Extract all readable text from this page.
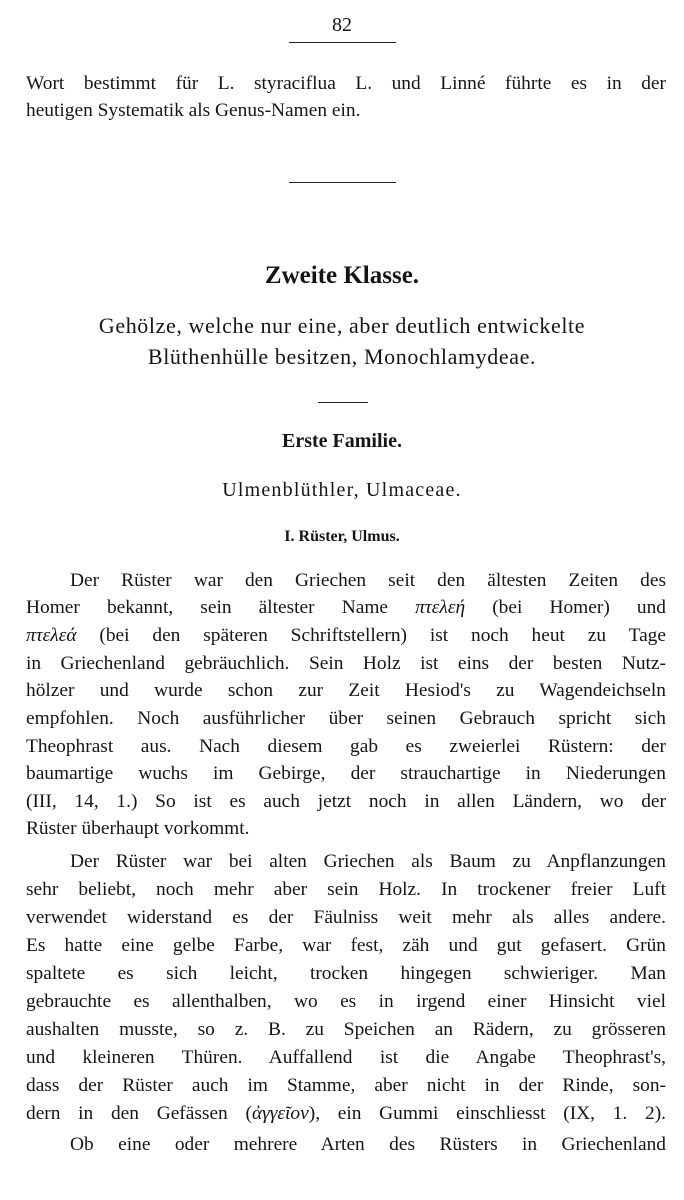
82
Wort bestimmt für L. styraciflua L. und Linné führte es in der
heutigen Systematik als Genus-Namen ein.
Zweite Klasse.
Gehölze, welche nur eine, aber deutlich entwickelte
Blüthenhülle besitzen, Monochlamydeae.
Erste Familie.
Ulmenblüthler, Ulmaceae.
I. Rüster, Ulmus.
Der Rüster war den Griechen seit den ältesten Zeiten des
Homer bekannt, sein ältester Name πτελεή (bei Homer) und
πτελεά (bei den späteren Schriftstellern) ist noch heut zu Tage
in Griechenland gebräuchlich. Sein Holz ist eins der besten Nutz-
hölzer und wurde schon zur Zeit Hesiod's zu Wagendeichseln
empfohlen. Noch ausführlicher über seinen Gebrauch spricht sich
Theophrast aus. Nach diesem gab es zweierlei Rüstern: der
baumartige wuchs im Gebirge, der strauchartige in Niederungen
(III, 14, 1.) So ist es auch jetzt noch in allen Ländern, wo der
Rüster überhaupt vorkommt.
Der Rüster war bei alten Griechen als Baum zu Anpflanzungen
sehr beliebt, noch mehr aber sein Holz. In trockener freier Luft
verwendet widerstand es der Fäulniss weit mehr als alles andere.
Es hatte eine gelbe Farbe, war fest, zäh und gut gefasert. Grün
spaltete es sich leicht, trocken hingegen schwieriger. Man
gebrauchte es allenthalben, wo es in irgend einer Hinsicht viel
aushalten musste, so z. B. zu Speichen an Rädern, zu grösseren
und kleineren Thüren. Auffallend ist die Angabe Theophrast's,
dass der Rüster auch im Stamme, aber nicht in der Rinde, son-
dern in den Gefässen (ἀγγεῖον), ein Gummi einschliesst (IX, 1. 2).
Ob eine oder mehrere Arten des Rüsters in Griechenland
